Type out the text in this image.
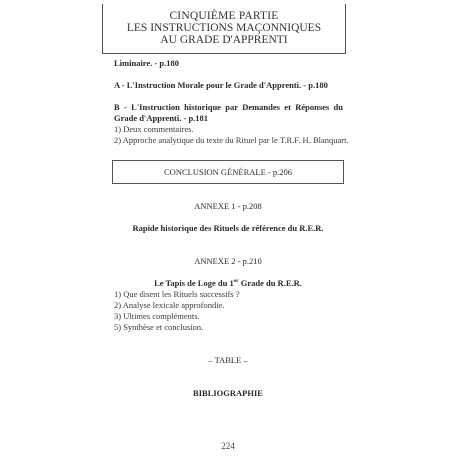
CINQUIÈME PARTIE
LES INSTRUCTIONS MAÇONNIQUES
AU GRADE D'APPRENTI
Liminaire. - p.180
A - L'Instruction Morale pour le Grade d'Apprenti. - p.180
B - L'Instruction historique par Demandes et Réponses du Grade d'Apprenti. - p.181
1) Deux commentaires.
2) Approche analytique du texte du Rituel par le T.R.F. H. Blanquart.
CONCLUSION GÉNÉRALE - p.206
ANNEXE 1 - p.208
Rapide historique des Rituels de référence du R.E.R.
ANNEXE 2 - p.210
Le Tapis de Loge du 1er Grade du R.E.R.
1) Que disent les Rituels successifs ?
2) Analyse lexicale approfondie.
3) Ultimes compléments.
5) Synthèse et conclusion.
– TABLE –
BIBLIOGRAPHIE
224
